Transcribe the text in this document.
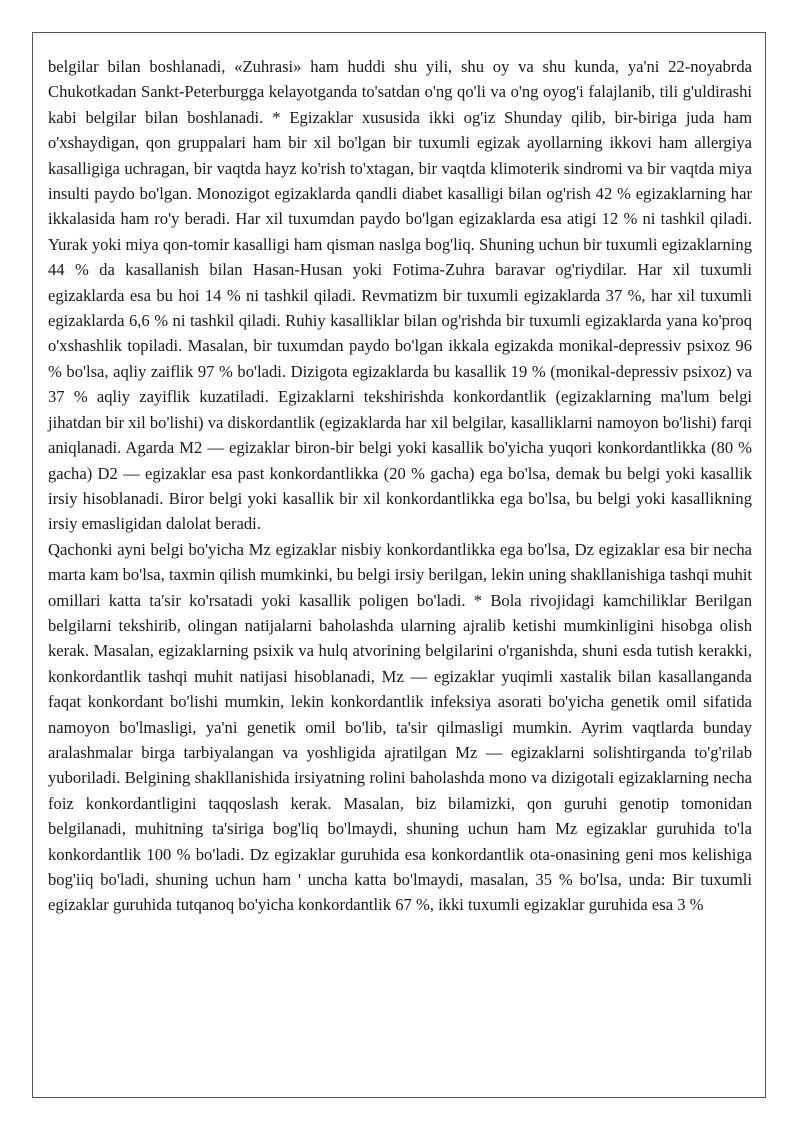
belgilar bilan boshlanadi, «Zuhrasi» ham huddi shu yili, shu oy va shu kunda, ya'ni 22-noyabrda Chukotkadan Sankt-Peterburgga kelayotganda to'satdan o'ng qo'li va o'ng oyog'i falajlanib, tili g'uldirashi kabi belgilar bilan boshlanadi. * Egizaklar xususida ikki og'iz Shunday qilib, bir-biriga juda ham o'xshaydigan, qon gruppalari ham bir xil bo'lgan bir tuxumli egizak ayollarning ikkovi ham allergiya kasalligiga uchragan, bir vaqtda hayz ko'rish to'xtagan, bir vaqtda klimoterik sindromi va bir vaqtda miya insulti paydo bo'lgan. Monozigot egizaklarda qandli diabet kasalligi bilan og'rish 42 % egizaklarning har ikkalasida ham ro'y beradi. Har xil tuxumdan paydo bo'lgan egizaklarda esa atigi 12 % ni tashkil qiladi. Yurak yoki miya qon-tomir kasalligi ham qisman naslga bog'liq. Shuning uchun bir tuxumli egizaklarning 44 % da kasallanish bilan Hasan-Husan yoki Fotima-Zuhra baravar og'riydilar. Har xil tuxumli egizaklarda esa bu hoi 14 % ni tashkil qiladi. Revmatizm bir tuxumli egizaklarda 37 %, har xil tuxumli egizaklarda 6,6 % ni tashkil qiladi. Ruhiy kasalliklar bilan og'rishda bir tuxumli egizaklarda yana ko'proq o'xshashlik topiladi. Masalan, bir tuxumdan paydo bo'lgan ikkala egizakda monikal-depressiv psixoz 96 % bo'lsa, aqliy zaiflik 97 % bo'ladi. Dizigota egizaklarda bu kasallik 19 % (monikal-depressiv psixoz) va 37 % aqliy zayiflik kuzatiladi. Egizaklarni tekshirishda konkordantlik (egizaklarning ma'lum belgi jihatdan bir xil bo'lishi) va diskordantlik (egizaklarda har xil belgilar, kasalliklarni namoyon bo'lishi) farqi aniqlanadi. Agarda M2 — egizaklar biron-bir belgi yoki kasallik bo'yicha yuqori konkordantlikka (80 % gacha) D2 — egizaklar esa past konkordantlikka (20 % gacha) ega bo'lsa, demak bu belgi yoki kasallik irsiy hisoblanadi. Biror belgi yoki kasallik bir xil konkordantlikka ega bo'lsa, bu belgi yoki kasallikning irsiy emasligidan dalolat beradi.

Qachonki ayni belgi bo'yicha Mz egizaklar nisbiy konkordantlikka ega bo'lsa, Dz egizaklar esa bir necha marta kam bo'lsa, taxmin qilish mumkinki, bu belgi irsiy berilgan, lekin uning shakllanishiga tashqi muhit omillari katta ta'sir ko'rsatadi yoki kasallik poligen bo'ladi. * Bola rivojidagi kamchiliklar Berilgan belgilarni tekshirib, olingan natijalarni baholashda ularning ajralib ketishi mumkinligini hisobga olish kerak. Masalan, egizaklarning psixik va hulq atvorining belgilarini o'rganishda, shuni esda tutish kerakki, konkordantlik tashqi muhit natijasi hisoblanadi, Mz — egizaklar yuqimli xastalik bilan kasallanganda faqat konkordant bo'lishi mumkin, lekin konkordantlik infeksiya asorati bo'yicha genetik omil sifatida namoyon bo'lmasligi, ya'ni genetik omil bo'lib, ta'sir qilmasligi mumkin. Ayrim vaqtlarda bunday aralashmalar birga tarbiyalangan va yoshligida ajratilgan Mz — egizaklarni solishtirganda to'g'rilab yuboriladi. Belgining shakllanishida irsiyatning rolini baholashda mono va dizigotali egizaklarning necha foiz konkordantligini taqqoslash kerak. Masalan, biz bilamizki, qon guruhi genotip tomonidan belgilanadi, muhitning ta'siriga bog'liq bo'lmaydi, shuning uchun ham Mz egizaklar guruhida to'la konkordantlik 100 % bo'ladi. Dz egizaklar guruhida esa konkordantlik ota-onasining geni mos kelishiga bog'iiq bo'ladi, shuning uchun ham ' uncha katta bo'lmaydi, masalan, 35 % bo'lsa, unda: Bir tuxumli egizaklar guruhida tutqanoq bo'yicha konkordantlik 67 %, ikki tuxumli egizaklar guruhida esa 3 %
